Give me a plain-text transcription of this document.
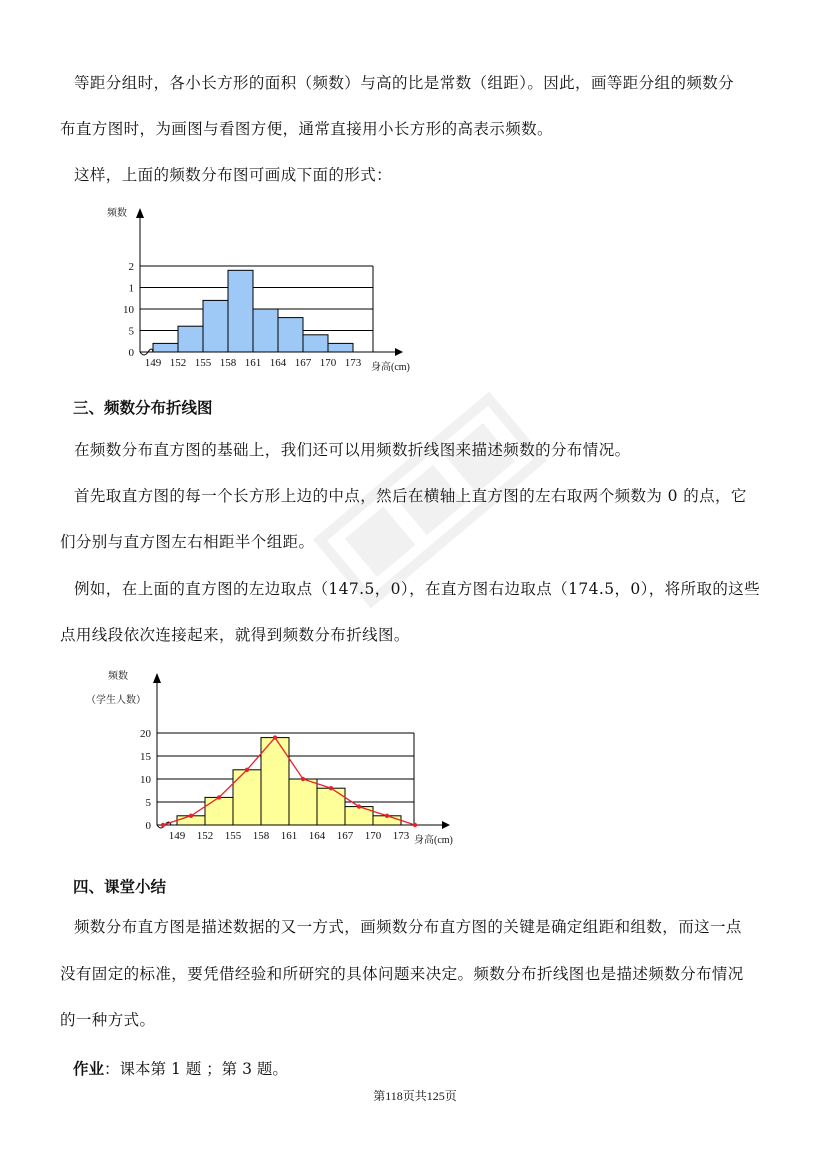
等距分组时，各小长方形的面积（频数）与高的比是常数（组距）。因此，画等距分组的频数分

布直方图时，为画图与看图方便，通常直接用小长方形的高表示频数。

这样，上面的频数分布图可画成下面的形式：

0
5
10
1
2
149 152 155 158 161 164 167 170 173
频数
身高(cm)

三、频数分布折线图

在频数分布直方图的基础上，我们还可以用频数折线图来描述频数的分布情况。

首先取直方图的每一个长方形上边的中点，然后在横轴上直方图的左右取两个频数为 0 的点，它

们分别与直方图左右相距半个组距。

例如，在上面的直方图的左边取点（147.5，0），在直方图右边取点（174.5，0），将所取的这些

点用线段依次连接起来，就得到频数分布折线图。

0
5
10
15
20
149 152 155 158 161 164 167 170 173
频数
（学生人数）
身高(cm)

四、课堂小结

频数分布直方图是描述数据的又一方式，画频数分布直方图的关键是确定组距和组数，而这一点

没有固定的标准，要凭借经验和所研究的具体问题来决定。频数分布折线图也是描述频数分布情况

的一种方式。

作业：课本第 1 题 ；第 3 题。

第118页共125页
